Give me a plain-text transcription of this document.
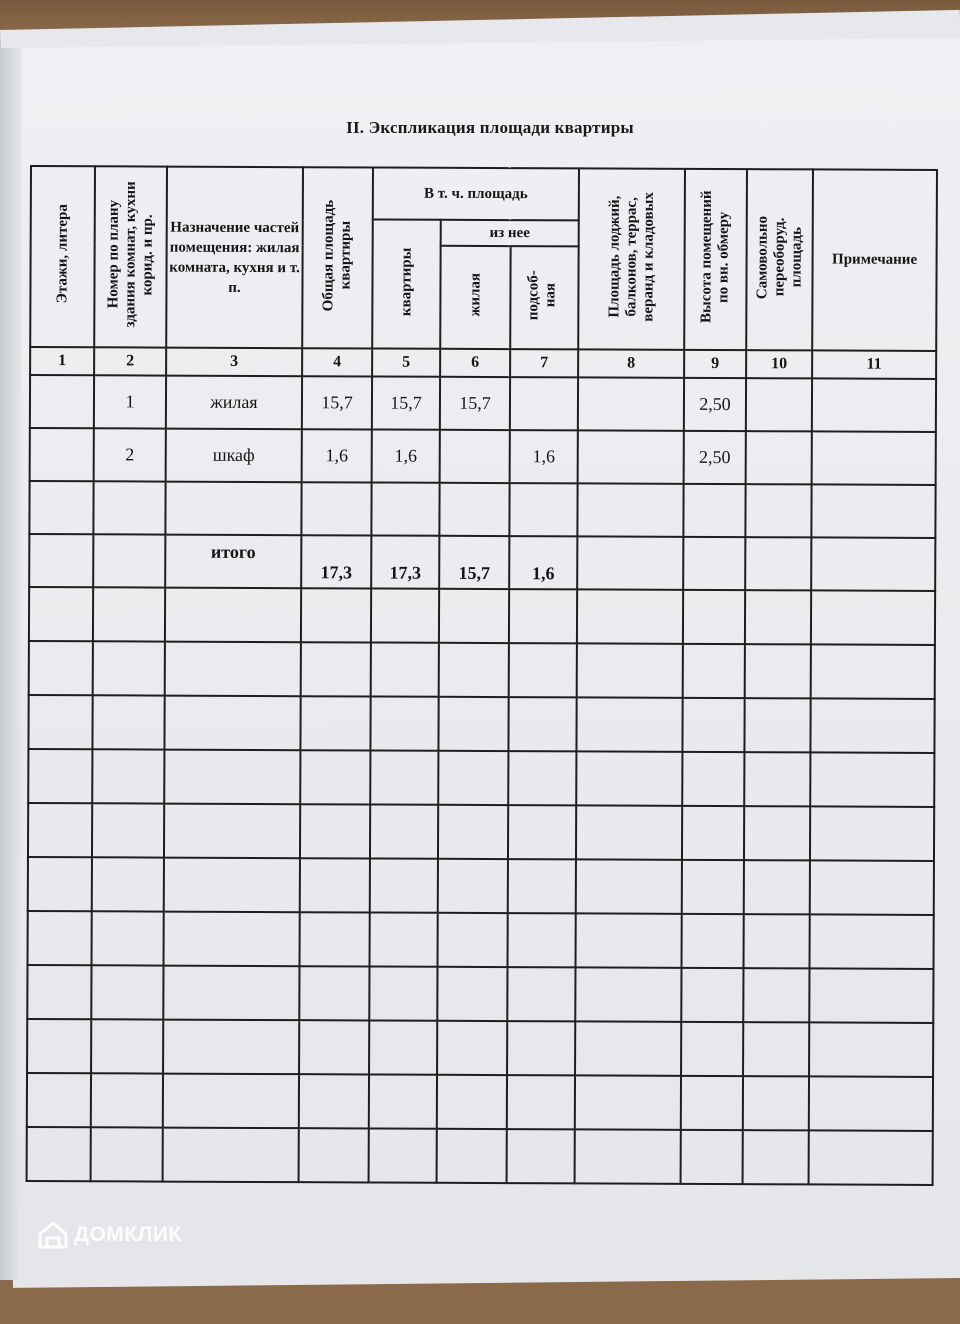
II. Экспликация площади квартиры
Этажи, литера	Номер по плану здания комнат, кухни корид. и пр.	Назначение частей помещения: жилая комната, кухня и т. п.	Общая площадь квартиры	В т. ч. площадь			Площадь лоджий, балконов, террас, веранд и кладовых	Высота помещений по вн. обмеру	Самовольно переоборуд. площадь	Примечание
				квартиры	из нее					
					жилая	подсоб-ная				
1	2	3	4	5	6	7	8	9	10	11
	1	жилая	15,7	15,7	15,7			2,50		
	2	шкаф	1,6	1,6		1,6		2,50		

		итого	17,3	17,3	15,7	1,6				

ДОМКЛИК
